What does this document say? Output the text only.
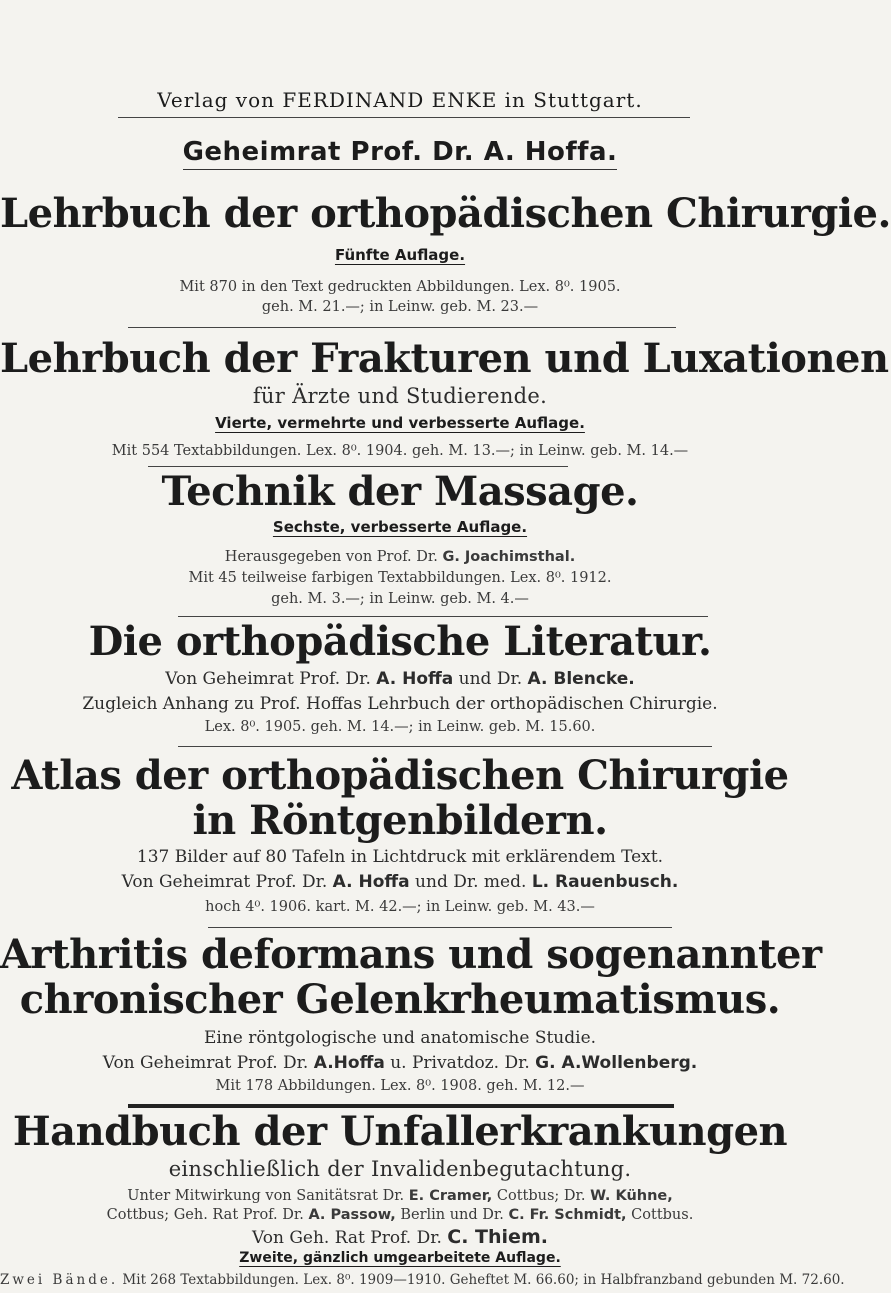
Verlag von FERDINAND ENKE in Stuttgart.
Geheimrat Prof. Dr. A. Hoffa.
Lehrbuch der orthopädischen Chirurgie.
Fünfte Auflage.
Mit 870 in den Text gedruckten Abbildungen. Lex. 8⁰. 1905.
geh. M. 21.—; in Leinw. geb. M. 23.—
Lehrbuch der Frakturen und Luxationen
für Ärzte und Studierende.
Vierte, vermehrte und verbesserte Auflage.
Mit 554 Textabbildungen. Lex. 8⁰. 1904. geh. M. 13.—; in Leinw. geb. M. 14.—
Technik der Massage.
Sechste, verbesserte Auflage.
Herausgegeben von Prof. Dr. G. Joachimsthal.
Mit 45 teilweise farbigen Textabbildungen. Lex. 8⁰. 1912.
geh. M. 3.—; in Leinw. geb. M. 4.—
Die orthopädische Literatur.
Von Geheimrat Prof. Dr. A. Hoffa und Dr. A. Blencke.
Zugleich Anhang zu Prof. Hoffas Lehrbuch der orthopädischen Chirurgie.
Lex. 8⁰. 1905. geh. M. 14.—; in Leinw. geb. M. 15.60.
Atlas der orthopädischen Chirurgie
in Röntgenbildern.
137 Bilder auf 80 Tafeln in Lichtdruck mit erklärendem Text.
Von Geheimrat Prof. Dr. A. Hoffa und Dr. med. L. Rauenbusch.
hoch 4⁰. 1906. kart. M. 42.—; in Leinw. geb. M. 43.—
Arthritis deformans und sogenannter
chronischer Gelenkrheumatismus.
Eine röntgologische und anatomische Studie.
Von Geheimrat Prof. Dr. A.Hoffa u. Privatdoz. Dr. G. A.Wollenberg.
Mit 178 Abbildungen. Lex. 8⁰. 1908. geh. M. 12.—
Handbuch der Unfallerkrankungen
einschließlich der Invalidenbegutachtung.
Unter Mitwirkung von Sanitätsrat Dr. E. Cramer, Cottbus; Dr. W. Kühne,
Cottbus; Geh. Rat Prof. Dr. A. Passow, Berlin und Dr. C. Fr. Schmidt, Cottbus.
Von Geh. Rat Prof. Dr. C. Thiem.
Zweite, gänzlich umgearbeitete Auflage.
Zwei Bände. Mit 268 Textabbildungen. Lex. 8⁰. 1909—1910. Geheftet M. 66.60; in Halbfranzband gebunden M. 72.60.
